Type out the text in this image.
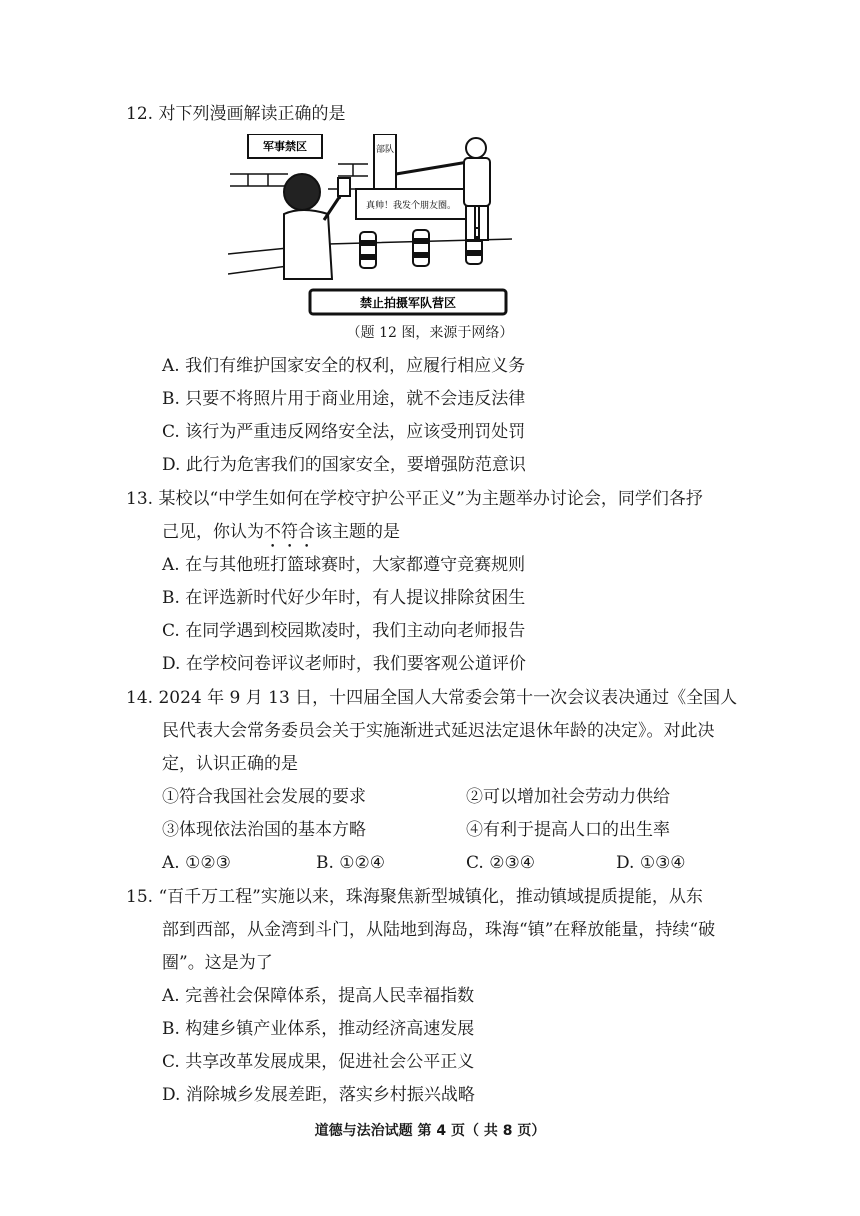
12. 对下列漫画解读正确的是
军事禁区	部队
真帅！我发个朋友圈。
禁止拍摄军队营区
（题 12 图，来源于网络）
A. 我们有维护国家安全的权利，应履行相应义务
B. 只要不将照片用于商业用途，就不会违反法律
C. 该行为严重违反网络安全法，应该受刑罚处罚
D. 此行为危害我们的国家安全，要增强防范意识
13. 某校以“中学生如何在学校守护公平正义”为主题举办讨论会，同学们各抒
己见，你认为不符合该主题的是
A. 在与其他班打篮球赛时，大家都遵守竞赛规则
B. 在评选新时代好少年时，有人提议排除贫困生
C. 在同学遇到校园欺凌时，我们主动向老师报告
D. 在学校问卷评议老师时，我们要客观公道评价
14. 2024 年 9 月 13 日，十四届全国人大常委会第十一次会议表决通过《全国人
民代表大会常务委员会关于实施渐进式延迟法定退休年龄的决定》。对此决
定，认识正确的是
①符合我国社会发展的要求	②可以增加社会劳动力供给
③体现依法治国的基本方略	④有利于提高人口的出生率
A. ①②③	B. ①②④	C. ②③④	D. ①③④
15. “百千万工程”实施以来，珠海聚焦新型城镇化，推动镇域提质提能，从东
部到西部，从金湾到斗门，从陆地到海岛，珠海“镇”在释放能量，持续“破
圈”。这是为了
A. 完善社会保障体系，提高人民幸福指数
B. 构建乡镇产业体系，推动经济高速发展
C. 共享改革发展成果，促进社会公平正义
D. 消除城乡发展差距，落实乡村振兴战略
道德与法治试题 第 4 页（ 共 8 页）
